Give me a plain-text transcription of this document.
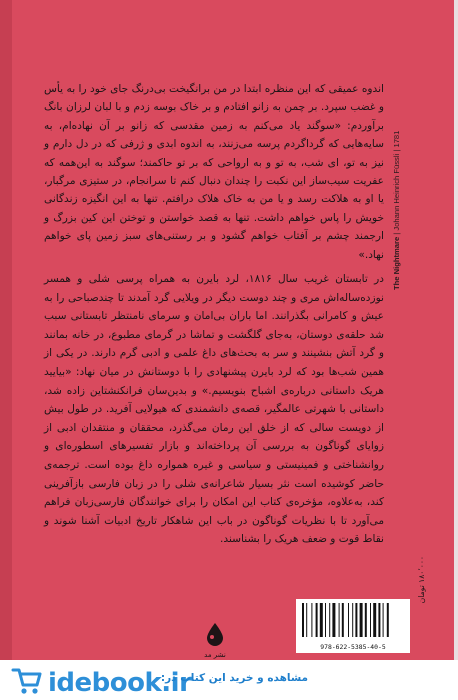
اندوه عمیقی که این منظره ابتدا در من برانگیخت بی‌درنگ جای خود را به یأس و غضب سپرد. بر چمن به زانو افتادم و بر خاک بوسه زدم و با لبان لرزان بانگ برآوردم: «سوگند یاد می‌کنم به زمین مقدسی که زانو بر آن نهاده‌ام، به سایه‌هایی که گرداگردم پرسه می‌زنند، به اندوه ابدی و ژرفی که در دل دارم و نیز به تو، ای شب، به تو و به ارواحی که بر تو حاکمند؛ سوگند به این‌همه که عفریت سیب‌ساز این نکبت را چندان دنبال کنم تا سرانجام، در ستیزی مرگبار، یا او به هلاکت رسد و یا من به خاک هلاک درافتم. تنها به این انگیزه زندگانی خویش را پاس خواهم داشت. تنها به قصد خواستن و توختن این کین بزرگ و ارجمند چشم بر آفتاب خواهم گشود و بر رستنی‌های سبز زمین پای خواهم نهاد.» The Nightmare | Johann Heinrich Füssli | 1781
در تابستان غریب سال ۱۸۱۶، لرد بایرن به همراه پرسی شلی و همسر نوزده‌ساله‌اش مری و چند دوست دیگر در ویلایی گرد آمدند تا چندصباحی را به عیش و کامرانی بگذرانند. اما باران بی‌امان و سرمای نامنتظر تابستانی سبب شد حلقه‌ی دوستان، به‌جای گلگشت و تماشا در گرمای مطبوع، در خانه بمانند و گرد آتش بنشینند و سر به بحث‌های داغ علمی و ادبی گرم دارند. در یکی از همین شب‌ها بود که لرد بایرن پیشنهادی را با دوستانش در میان نهاد: «بیایید هریک داستانی درباره‌ی اشباح بنویسیم.» و بدین‌سان فرانکنشتاین زاده شد، داستانی با شهرتی عالمگیر، قصه‌ی دانشمندی که هیولایی آفرید. در طول بیش از دویست سالی که از خلق این رمان می‌گذرد، محققان و منتقدان ادبی از زوایای گوناگون به بررسی آن پرداخته‌اند و بازار تفسیرهای اسطوره‌ای و روانشناختی و فمینیستی و سیاسی و غیره همواره داغ بوده است. ترجمه‌ی حاضر کوشیده است نثر بسیار شاعرانه‌ی شلی را در زبان فارسی بازآفرینی کند، به‌علاوه، مؤخره‌ی کتاب این امکان را برای خوانندگان فارسی‌زبان فراهم می‌آورد تا با نظریات گوناگون در باب این شاهکار تاریخ ادبیات آشنا شوند و نقاط قوت و ضعف هریک را بشناسند.
۱۸۰٬۰۰۰ تومان
نشر مد
978-622-5385-40-5
idebook.ir
مشاهده و خرید این کتاب در:
